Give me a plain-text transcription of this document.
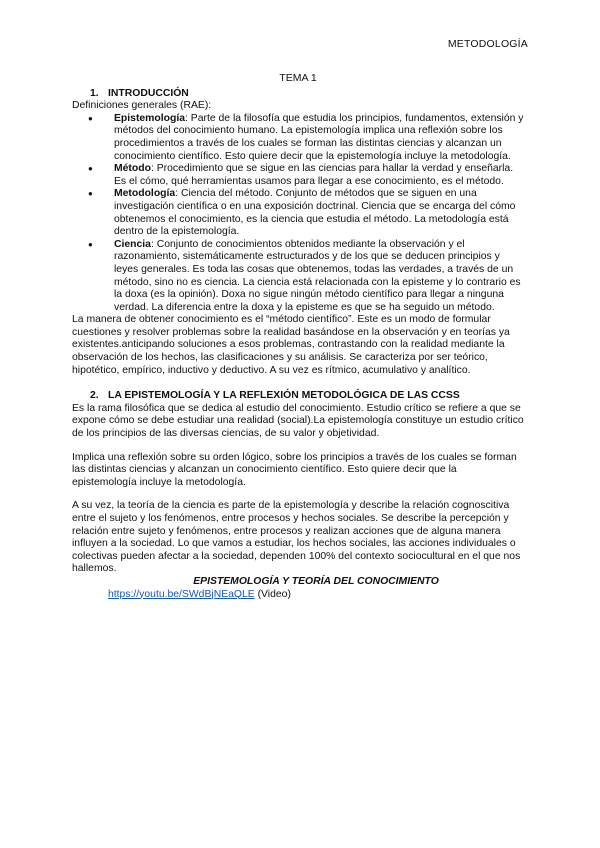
METODOLOGÍA
TEMA 1
1. INTRODUCCIÓN

Definiciones generales (RAE):

● Epistemología: Parte de la filosofía que estudia los principios, fundamentos, extensión y métodos del conocimiento humano. La epistemología implica una reflexión sobre los procedimientos a través de los cuales se forman las distintas ciencias y alcanzan un conocimiento científico. Esto quiere decir que la epistemología incluye la metodología.
● Método: Procedimiento que se sigue en las ciencias para hallar la verdad y enseñarla. Es el cómo, qué herramientas usamos para llegar a ese conocimiento, es el método.
● Metodología: Ciencia del método. Conjunto de métodos que se siguen en una investigación científica o en una exposición doctrinal. Ciencia que se encarga del cómo obtenemos el conocimiento, es la ciencia que estudia el método. La metodología está dentro de la epistemología.
● Ciencia: Conjunto de conocimientos obtenidos mediante la observación y el razonamiento, sistemáticamente estructurados y de los que se deducen principios y leyes generales. Es toda las cosas que obtenemos, todas las verdades, a través de un método, sino no es ciencia. La ciencia está relacionada con la episteme y lo contrario es la doxa (es la opinión). Doxa no sigue ningún método científico para llegar a ninguna verdad. La diferencia entre la doxa y la episteme es que se ha seguido un método.

La manera de obtener conocimiento es el “método científico”. Este es un modo de formular cuestiones y resolver problemas sobre la realidad basándose en la observación y en teorías ya existentes.anticipando soluciones a esos problemas, contrastando con la realidad mediante la observación de los hechos, las clasificaciones y su análisis. Se caracteriza por ser teórico, hipotético, empírico, inductivo y deductivo. A su vez es rítmico, acumulativo y analítico.

2. LA EPISTEMOLOGÍA Y LA REFLEXIÓN METODOLÓGICA DE LAS CCSS

Es la rama filosófica que se dedica al estudio del conocimiento. Estudio crítico se refiere a que se expone cómo se debe estudiar una realidad (social).La epistemología constituye un estudio crítico de los principios de las diversas ciencias, de su valor y objetividad.

Implica una reflexión sobre su orden lógico, sobre los principios a través de los cuales se forman las distintas ciencias y alcanzan un conocimiento científico. Esto quiere decir que la epistemología incluye la metodología.

A su vez, la teoría de la ciencia es parte de la epistemología y describe la relación cognoscitiva entre el sujeto y los fenómenos, entre procesos y hechos sociales. Se describe la percepción y relación entre sujeto y fenómenos, entre procesos y realizan acciones que de alguna manera influyen a la sociedad. Lo que vamos a estudiar, los hechos sociales, las acciones individuales o colectivas pueden afectar a la sociedad, dependen 100% del contexto sociocultural en el que nos hallemos.

EPISTEMOLOGÍA Y TEORÍA DEL CONOCIMIENTO
https://youtu.be/SWdBjNEaQLE (Video)
